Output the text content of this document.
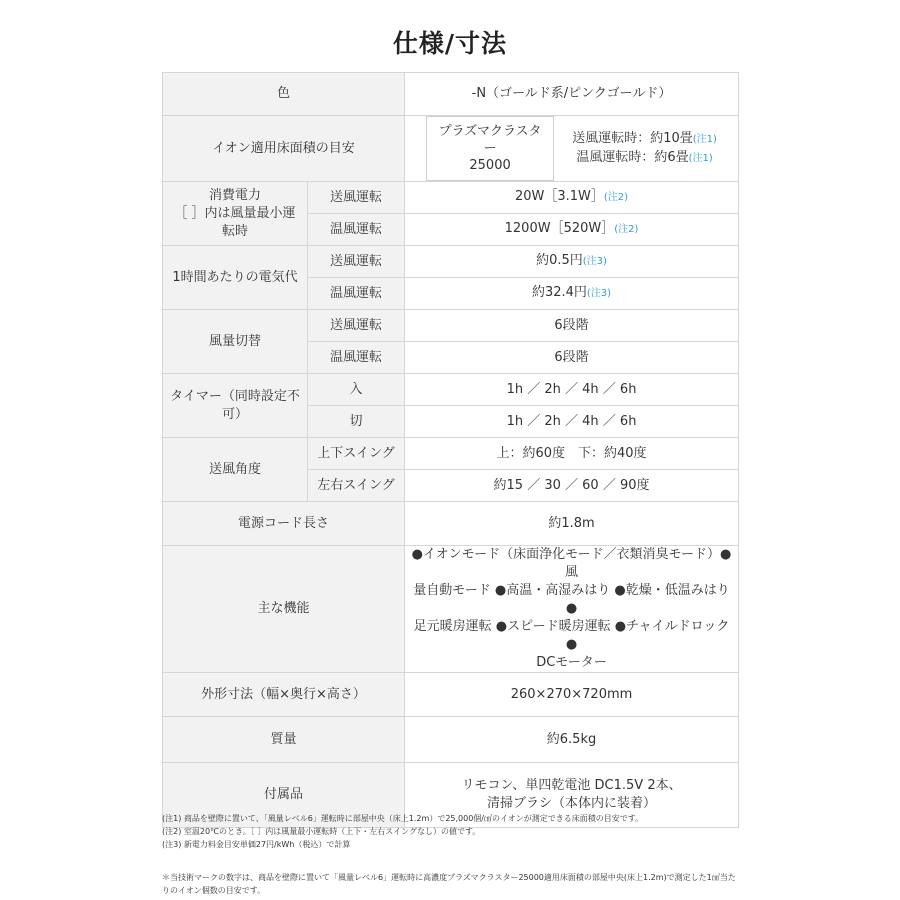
仕様/寸法
色		-N（ゴールド系/ピンクゴールド）
イオン適用床面積の目安		プラズマクラスター
25000

送風運転時：約10畳(注1)
温風運転時：約6畳(注1)

消費電力
［ ］内は風量最小運転時	送風運転	20W［3.1W］(注2)
	温風運転	1200W［520W］(注2)
1時間あたりの電気代	送風運転	約0.5円(注3)
	温風運転	約32.4円(注3)
風量切替	送風運転	6段階
	温風運転	6段階
タイマー（同時設定不可）	入	1h ／ 2h ／ 4h ／ 6h
	切	1h ／ 2h ／ 4h ／ 6h
送風角度	上下スイング	上：約60度　下：約40度
	左右スイング	約15 ／ 30 ／ 60 ／ 90度
電源コード長さ		約1.8m
主な機能		●イオンモード（床面浄化モード／衣類消臭モード）●風
量自動モード ●高温・高湿みはり ●乾燥・低温みはり ●
足元暖房運転 ●スピード暖房運転 ●チャイルドロック ●
DCモーター

外形寸法（幅×奥行×高さ）		260×270×720mm
質量		約6.5kg
付属品		リモコン、単四乾電池 DC1.5V 2本、
清掃ブラシ（本体内に装着）

(注1) 商品を壁際に置いて、「風量レベル6」運転時に部屋中央（床上1.2m）で25,000個/㎤のイオンが測定できる床面積の目安です。

(注2) 室温20℃のとき。［ ］内は風量最小運転時（上下・左右スイングなし）の値です。

(注3) 新電力料金目安単価27円/kWh（税込）で計算

＊当技術マークの数字は、商品を壁際に置いて「風量レベル6」運転時に高濃度プラズマクラスター25000適用床面積の部屋中央(床上1.2m)で測定した1㎤当た

りのイオン個数の目安です。
